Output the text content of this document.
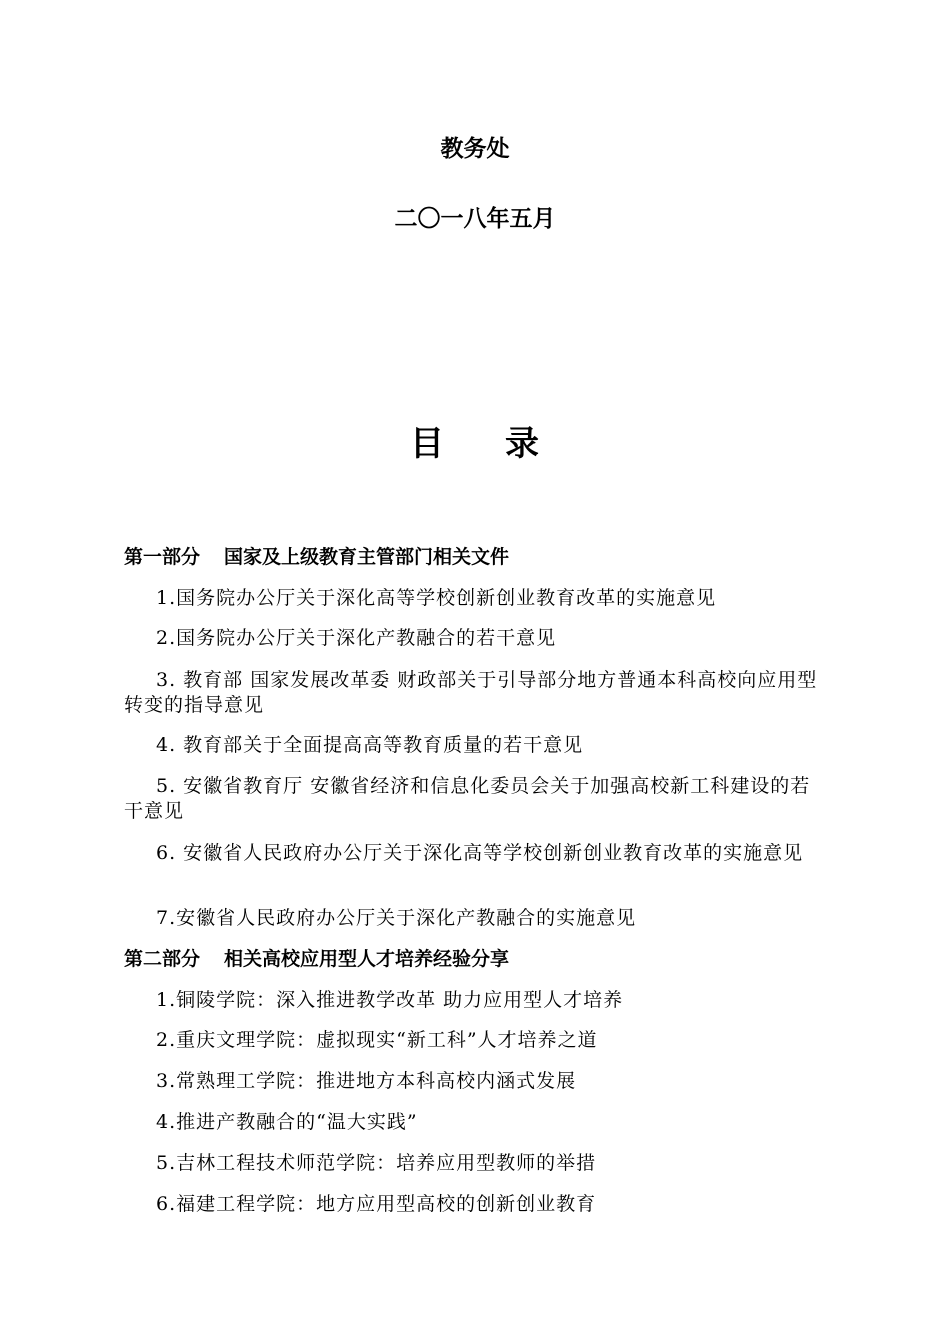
教务处
二〇一八年五月
目 录
第一部分 国家及上级教育主管部门相关文件
1.国务院办公厅关于深化高等学校创新创业教育改革的实施意见
2.国务院办公厅关于深化产教融合的若干意见
3. 教育部 国家发展改革委 财政部关于引导部分地方普通本科高校向应用型转变的指导意见
4. 教育部关于全面提高高等教育质量的若干意见
5. 安徽省教育厅 安徽省经济和信息化委员会关于加强高校新工科建设的若干意见
6. 安徽省人民政府办公厅关于深化高等学校创新创业教育改革的实施意见
7.安徽省人民政府办公厅关于深化产教融合的实施意见
第二部分 相关高校应用型人才培养经验分享
1.铜陵学院：深入推进教学改革 助力应用型人才培养
2.重庆文理学院：虚拟现实“新工科”人才培养之道
3.常熟理工学院：推进地方本科高校内涵式发展
4.推进产教融合的“温大实践”
5.吉林工程技术师范学院：培养应用型教师的举措
6.福建工程学院：地方应用型高校的创新创业教育
